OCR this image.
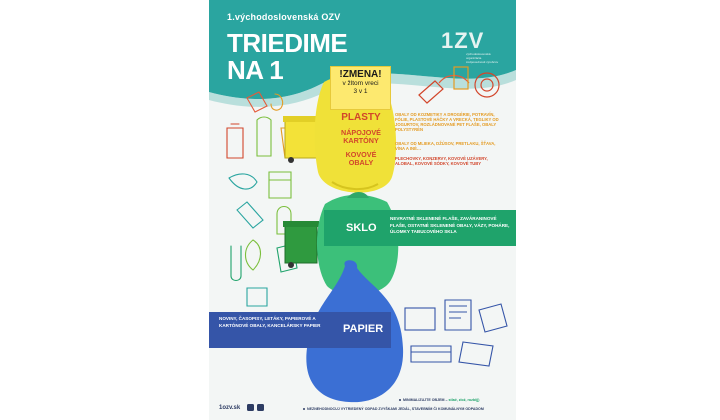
1.východoslovenská OZV
TRIEDIME
NA 1
1ZV
východoslovenská organizácia zodpovednosti výrobcov
!ZMENA!
v žltom vreci
3 v 1
PLASTY
NÁPOJOVÉ KARTÓNY
KOVOVÉ OBALY
OBALY OD KOZMETIKY A DROGÉRIE, POTRAVÍN, FÓLIE, PLASTOVÉ HÁČKY A VRECKÁ, TEGLIKY OD JOGURTOV, ROZLÁDNOVANÉ PET FLAŠE, OBALY POLYSTYRÉN
OBALY OD MLIEKA, DŽÚSOV, PRETLAKU, ŠŤAVA, VÍNA A INÉ…
PLECHOVKY, KONZERVY, KOVOVÉ UZÁVERY, ALOBAL, KOVOVÉ SÓDKY, KOVOVÉ TUBY
SKLO
NEVRATNÉ SKLENENÉ FLAŠE, ZAVÁRANINOVÉ FLAŠE, OSTATNÉ SKLENENÉ OBALY, VÁZY, POHÁRE, ÚLOMKY TABUĽOVÉHO SKLA
NOVINY, ČASOPISY, LETÁKY, PAPIEROVÉ A KARTÓNOVÉ OBALY, KANCELÁRSKY PAPIER	PAPIER
MINIMALIZUJTE OBJEM – stlač, zlož, rozbi(j)
NEZNEHODNOCUJ VYTRIEDENÝ ODPAD ZVYŠKAMI JEDÁL, STAVEBNÍM ČI KOMUNÁLNYM ODPADOM
1ozv.sk
